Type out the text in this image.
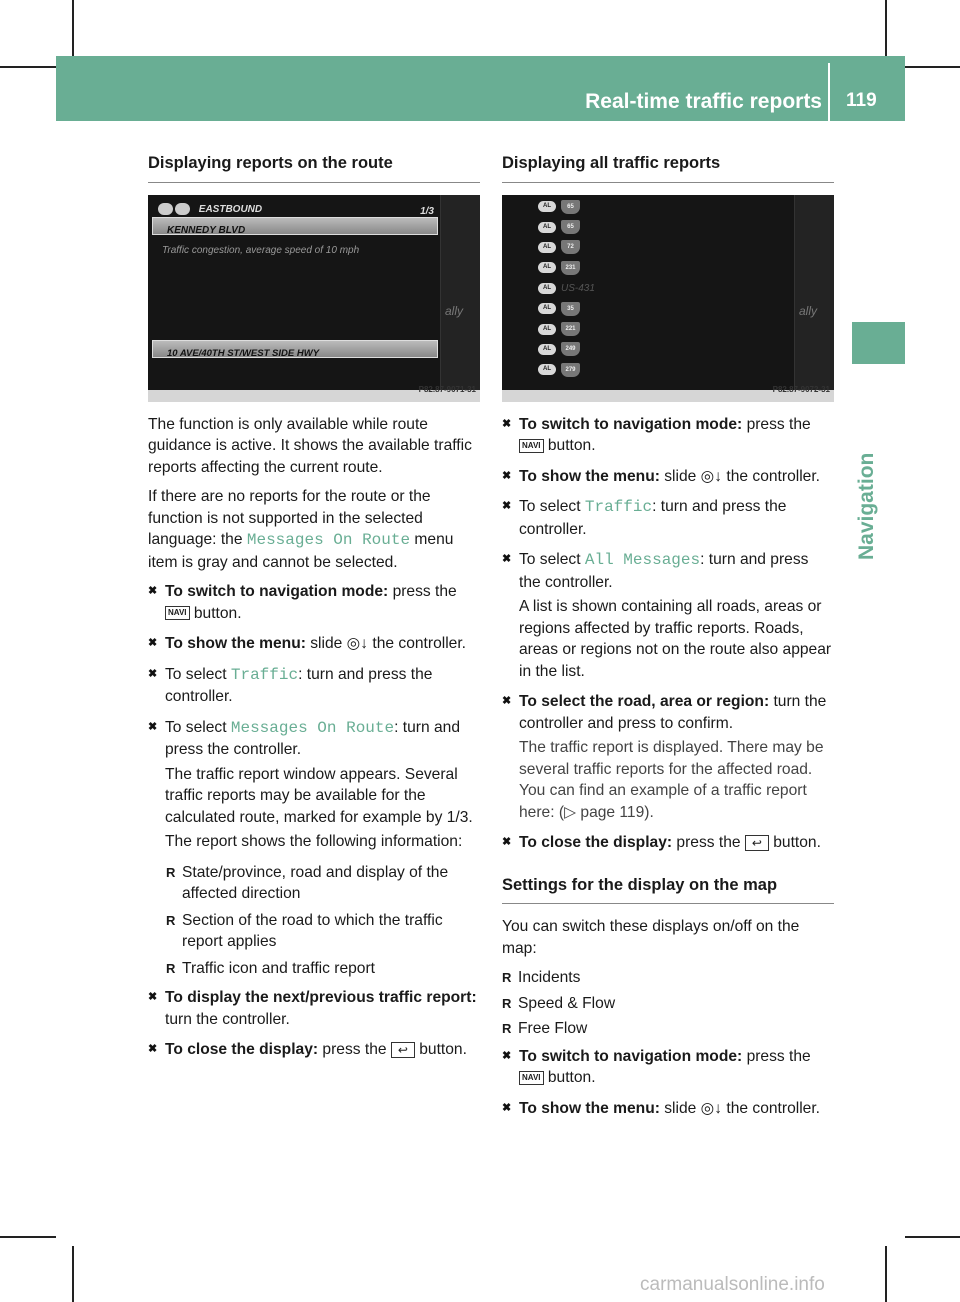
Real-time traffic reports 119
Navigation
Displaying reports on the route
EASTBOUND	1/3
KENNEDY BLVD
Traffic congestion, average speed of 10 mph
10 AVE/40TH ST/WEST SIDE HWY
ally
P82.87-9071-31

The function is only available while route guidance is active. It shows the available traffic reports affecting the current route.

If there are no reports for the route or the function is not supported in the selected language: the Messages On Route menu item is gray and cannot be selected.

✖ To switch to navigation mode: press the
NAVI button.
✖ To show the menu: slide ◎↓ the controller.
✖ To select Traffic: turn and press the controller.
✖ To select Messages On Route: turn and press the controller.
The traffic report window appears. Several traffic reports may be available for the calculated route, marked for example by 1/3.
The report shows the following information:
R State/province, road and display of the affected direction
R Section of the road to which the traffic report applies
R Traffic icon and traffic report
✖ To display the next/previous traffic report: turn the controller.
✖ To close the display: press the ↩ button.
Displaying all traffic reports
AL	65
AL	65
AL	72
AL	231
AL	US-431
AL	35
AL	221
AL	249
AL	279
ally
P82.87-9072-31
✖ To switch to navigation mode: press the
NAVI button.
✖ To show the menu: slide ◎↓ the controller.
✖ To select Traffic: turn and press the controller.
✖ To select All Messages: turn and press the controller.
A list is shown containing all roads, areas or regions affected by traffic reports. Roads, areas or regions not on the route also appear in the list.
✖ To select the road, area or region: turn the controller and press to confirm.
The traffic report is displayed. There may be several traffic reports for the affected road. You can find an example of a traffic report here: (▷ page 119).
✖ To close the display: press the ↩ button.
Settings for the display on the map

You can switch these displays on/off on the map:

R Incidents
R Speed & Flow
R Free Flow
✖ To switch to navigation mode: press the
NAVI button.
✖ To show the menu: slide ◎↓ the controller.
carmanualsonline.info
